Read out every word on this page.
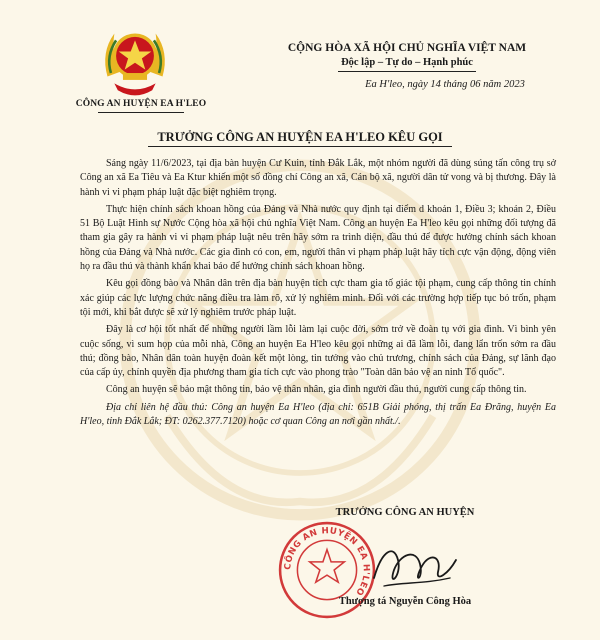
CÔNG AN HUYỆN EA H'LEO
CỘNG HÒA XÃ HỘI CHỦ NGHĨA VIỆT NAM
Độc lập – Tự do – Hạnh phúc
Ea H'leo, ngày 14 tháng 06 năm 2023
TRƯỞNG CÔNG AN HUYỆN EA H'LEO KÊU GỌI

Sáng ngày 11/6/2023, tại địa bàn huyện Cư Kuin, tỉnh Đắk Lắk, một nhóm người đã dùng súng tấn công trụ sở Công an xã Ea Tiêu và Ea Ktur khiến một số đồng chí Công an xã, Cán bộ xã, người dân tử vong và bị thương. Đây là hành vi vi phạm pháp luật đặc biệt nghiêm trọng.

Thực hiện chính sách khoan hồng của Đảng và Nhà nước quy định tại điểm d khoản 1, Điều 3; khoản 2, Điều 51 Bộ Luật Hình sự Nước Cộng hòa xã hội chủ nghĩa Việt Nam. Công an huyện Ea H'leo kêu gọi những đối tượng đã tham gia gây ra hành vi vi phạm pháp luật nêu trên hãy sớm ra trình diện, đầu thú để được hưởng chính sách khoan hồng của Đảng và Nhà nước. Các gia đình có con, em, người thân vi phạm pháp luật hãy tích cực vận động, động viên họ ra đầu thú và thành khẩn khai báo để hưởng chính sách khoan hồng.

Kêu gọi đồng bào và Nhân dân trên địa bàn huyện tích cực tham gia tố giác tội phạm, cung cấp thông tin chính xác giúp các lực lượng chức năng điều tra làm rõ, xử lý nghiêm minh. Đối với các trường hợp tiếp tục bỏ trốn, phạm tội mới, khi bắt được sẽ xử lý nghiêm trước pháp luật.

Đây là cơ hội tốt nhất để những người lầm lỗi làm lại cuộc đời, sớm trở về đoàn tụ với gia đình. Vì bình yên cuộc sống, vì sum họp của mỗi nhà, Công an huyện Ea H'leo kêu gọi những ai đã lầm lỗi, đang lẩn trốn sớm ra đầu thú; đồng bào, Nhân dân toàn huyện đoàn kết một lòng, tin tưởng vào chủ trương, chính sách của Đảng, sự lãnh đạo của cấp ủy, chính quyền địa phương tham gia tích cực vào phong trào "Toàn dân bảo vệ an ninh Tổ quốc".

Công an huyện sẽ bảo mật thông tin, bảo vệ thân nhân, gia đình người đầu thú, người cung cấp thông tin.

Địa chỉ liên hệ đầu thú: Công an huyện Ea H'leo (địa chỉ: 651B Giải phóng, thị trấn Ea Đrăng, huyện Ea H'leo, tỉnh Đắk Lắk; ĐT: 0262.377.7120) hoặc cơ quan Công an nơi gần nhất./.

TRƯỞNG CÔNG AN HUYỆN
CÔNG AN HUYỆN EA H'LEO
Thượng tá Nguyễn Công Hòa
